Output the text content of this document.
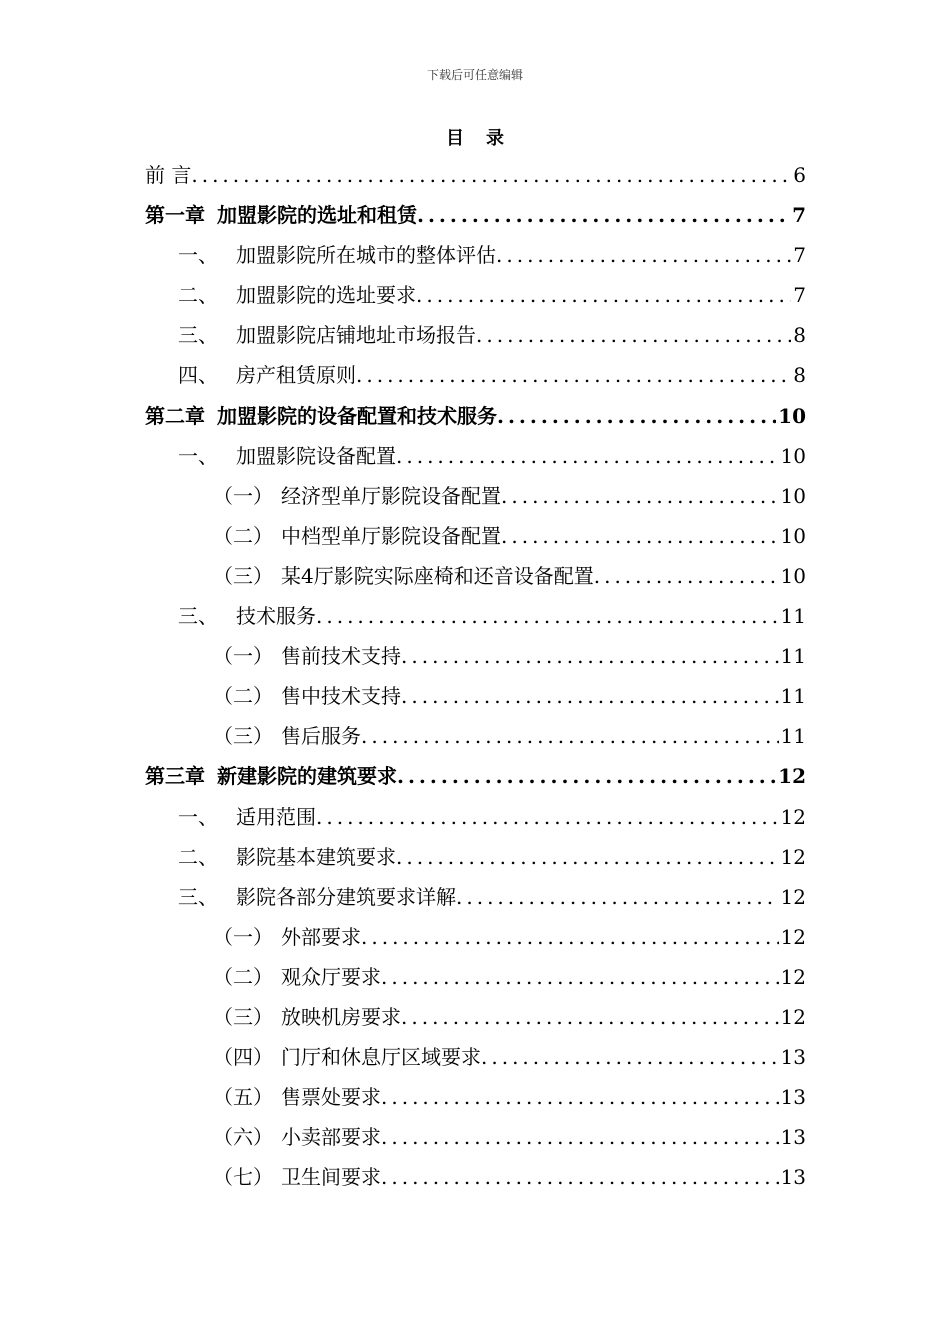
下载后可任意编辑
目录
前 言 .....	6
第一章 加盟影院的选址和租赁 .....	7
一、 加盟影院所在城市的整体评估 .....	7
二、 加盟影院的选址要求 .....	7
三、 加盟影院店铺地址市场报告 .....	8
四、 房产租赁原则 .....	8
第二章 加盟影院的设备配置和技术服务 .....	10
一、 加盟影院设备配置 .....	10
（一） 经济型单厅影院设备配置 .....	10
（二） 中档型单厅影院设备配置 .....	10
（三） 某4厅影院实际座椅和还音设备配置 .....	10
三、 技术服务 .....	11
（一） 售前技术支持 .....	11
（二） 售中技术支持 .....	11
（三） 售后服务 .....	11
第三章 新建影院的建筑要求 .....	12
一、 适用范围 .....	12
二、 影院基本建筑要求 .....	12
三、 影院各部分建筑要求详解 .....	12
（一） 外部要求 .....	12
（二） 观众厅要求 .....	12
（三） 放映机房要求 .....	12
（四） 门厅和休息厅区域要求 .....	13
（五） 售票处要求 .....	13
（六） 小卖部要求 .....	13
（七） 卫生间要求 .....	13
